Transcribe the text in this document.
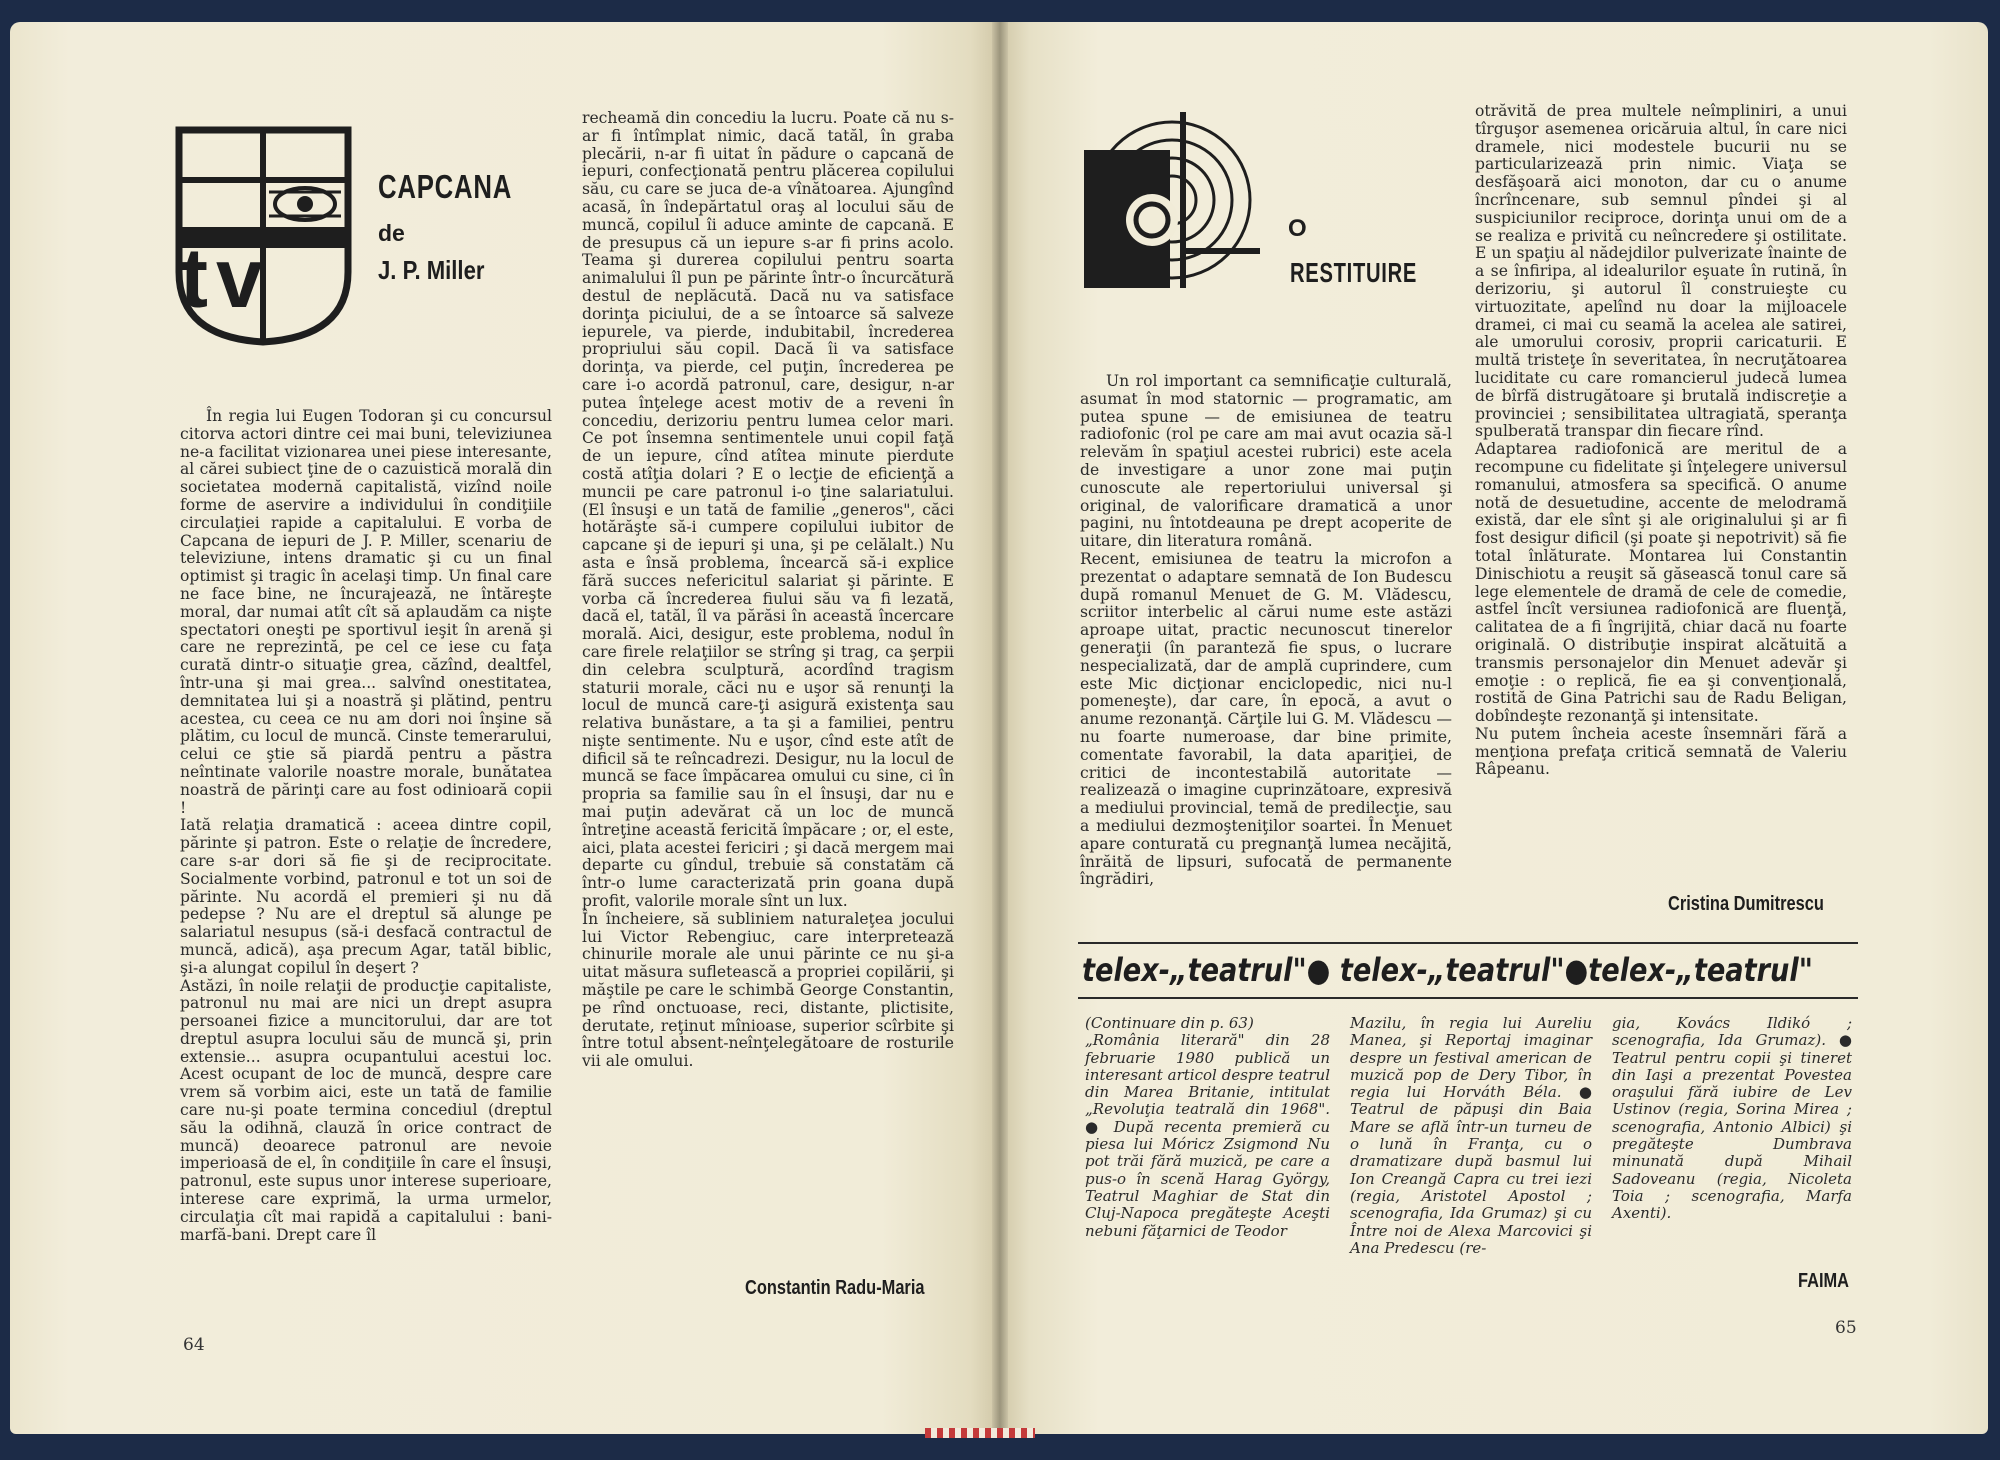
tv
CAPCANA
de
J. P. Miller

În regia lui Eugen Todoran şi cu concursul citorva actori dintre cei mai buni, televiziunea ne-a facilitat vizionarea unei piese interesante, al cărei subiect ţine de o cazuistică morală din societatea modernă capitalistă, vizînd noile forme de aservire a individului în condiţiile circulaţiei rapide a capitalului. E vorba de Capcana de iepuri de J. P. Miller, scenariu de televiziune, intens dramatic şi cu un final optimist şi tragic în acelaşi timp. Un final care ne face bine, ne încurajează, ne întăreşte moral, dar numai atît cît să aplaudăm ca nişte spectatori oneşti pe sportivul ieşit în arenă şi care ne reprezintă, pe cel ce iese cu faţa curată dintr-o situaţie grea, căzînd, dealtfel, într-una şi mai grea... salvînd onestitatea, demnitatea lui şi a noastră şi plătind, pentru acestea, cu ceea ce nu am dori noi înşine să plătim, cu locul de muncă. Cinste temerarului, celui ce ştie să piardă pentru a păstra neîntinate valorile noastre morale, bunătatea noastră de părinţi care au fost odinioară copii !
Iată relaţia dramatică : aceea dintre copil, părinte şi patron. Este o relaţie de încredere, care s-ar dori să fie şi de reciprocitate. Socialmente vorbind, patronul e tot un soi de părinte. Nu acordă el premieri şi nu dă pedepse ? Nu are el dreptul să alunge pe salariatul nesupus (să-i desfacă contractul de muncă, adică), aşa precum Agar, tatăl biblic, şi-a alungat copilul în deşert ?
Astăzi, în noile relaţii de producţie capitaliste, patronul nu mai are nici un drept asupra persoanei fizice a muncitorului, dar are tot dreptul asupra locului său de muncă şi, prin extensie... asupra ocupantului acestui loc. Acest ocupant de loc de muncă, despre care vrem să vorbim aici, este un tată de familie care nu-şi poate termina concediul (dreptul său la odihnă, clauză în orice contract de muncă) deoarece patronul are nevoie imperioasă de el, în condiţiile în care el însuşi, patronul, este supus unor interese superioare, interese care exprimă, la urma urmelor, circulaţia cît mai rapidă a capitalului : bani-marfă-bani. Drept care îl

recheamă din concediu la lucru. Poate că nu s-ar fi întîmplat nimic, dacă tatăl, în graba plecării, n-ar fi uitat în pădure o capcană de iepuri, confecţionată pentru plăcerea copilului său, cu care se juca de-a vînătoarea. Ajungînd acasă, în îndepărtatul oraş al locului său de muncă, copilul îi aduce aminte de capcană. E de presupus că un iepure s-ar fi prins acolo. Teama şi durerea copilului pentru soarta animalului îl pun pe părinte într-o încurcătură destul de neplăcută. Dacă nu va satisface dorinţa piciului, de a se întoarce să salveze iepurele, va pierde, indubitabil, încrederea propriului său copil. Dacă îi va satisface dorinţa, va pierde, cel puţin, încrederea pe care i-o acordă patronul, care, desigur, n-ar putea înţelege acest motiv de a reveni în concediu, derizoriu pentru lumea celor mari. Ce pot însemna sentimentele unui copil faţă de un iepure, cînd atîtea minute pierdute costă atîţia dolari ? E o lecţie de eficienţă a muncii pe care patronul i-o ţine salariatului. (El însuşi e un tată de familie „generos", căci hotărăşte să-i cumpere copilului iubitor de capcane şi de iepuri şi una, şi pe celălalt.) Nu asta e însă problema, încearcă să-i explice fără succes nefericitul salariat şi părinte. E vorba că încrederea fiului său va fi lezată, dacă el, tatăl, îl va părăsi în această încercare morală. Aici, desigur, este problema, nodul în care firele relaţiilor se strîng şi trag, ca şerpii din celebra sculptură, acordînd tragism staturii morale, căci nu e uşor să renunţi la locul de muncă care-ţi asigură existenţa sau relativa bunăstare, a ta şi a familiei, pentru nişte sentimente. Nu e uşor, cînd este atît de dificil să te reîncadrezi. Desigur, nu la locul de muncă se face împăcarea omului cu sine, ci în propria sa familie sau în el însuşi, dar nu e mai puţin adevărat că un loc de muncă întreţine această fericită împăcare ; or, el este, aici, plata acestei fericiri ; şi dacă mergem mai departe cu gîndul, trebuie să constatăm că într-o lume caracterizată prin goana după profit, valorile morale sînt un lux.
În încheiere, să subliniem naturaleţea jocului lui Victor Rebengiuc, care interpretează chinurile morale ale unui părinte ce nu şi-a uitat măsura sufletească a propriei copilării, şi măştile pe care le schimbă George Constantin, pe rînd onctuoase, reci, distante, plictisite, derutate, reţinut mînioase, superior scîrbite şi între totul absent-neînţelegătoare de rosturile vii ale omului.

Constantin Radu-Maria
64
O
RESTITUIRE

Un rol important ca semnificaţie culturală, asumat în mod statornic — programatic, am putea spune — de emisiunea de teatru radiofonic (rol pe care am mai avut ocazia să-l relevăm în spaţiul acestei rubrici) este acela de investigare a unor zone mai puţin cunoscute ale repertoriului universal şi original, de valorificare dramatică a unor pagini, nu întotdeauna pe drept acoperite de uitare, din literatura română.
Recent, emisiunea de teatru la microfon a prezentat o adaptare semnată de Ion Budescu după romanul Menuet de G. M. Vlădescu, scriitor interbelic al cărui nume este astăzi aproape uitat, practic necunoscut tinerelor generaţii (în paranteză fie spus, o lucrare nespecializată, dar de amplă cuprindere, cum este Mic dicţionar enciclopedic, nici nu-l pomeneşte), dar care, în epocă, a avut o anume rezonanţă. Cărţile lui G. M. Vlădescu — nu foarte numeroase, dar bine primite, comentate favorabil, la data apariţiei, de critici de incontestabilă autoritate — realizează o imagine cuprinzătoare, expresivă a mediului provincial, temă de predilecţie, sau a mediului dezmoşteniţilor soartei. În Menuet apare conturată cu pregnanţă lumea necăjită, înrăită de lipsuri, sufocată de permanente îngrădiri,

otrăvită de prea multele neîmpliniri, a unui tîrguşor asemenea oricăruia altul, în care nici dramele, nici modestele bucurii nu se particularizează prin nimic. Viaţa se desfăşoară aici monoton, dar cu o anume încrîncenare, sub semnul pîndei şi al suspiciunilor reciproce, dorinţa unui om de a se realiza e privită cu neîncredere şi ostilitate. E un spaţiu al nădejdilor pulverizate înainte de a se înfiripa, al idealurilor eşuate în rutină, în derizoriu, şi autorul îl construieşte cu virtuozitate, apelînd nu doar la mijloacele dramei, ci mai cu seamă la acelea ale satirei, ale umorului corosiv, proprii caricaturii. E multă tristeţe în severitatea, în necruţătoarea luciditate cu care romancierul judecă lumea de bîrfă distrugătoare şi brutală indiscreţie a provinciei ; sensibilitatea ultragiată, speranţa spulberată transpar din fiecare rînd.
Adaptarea radiofonică are meritul de a recompune cu fidelitate şi înţelegere universul romanului, atmosfera sa specifică. O anume notă de desuetudine, accente de melodramă există, dar ele sînt şi ale originalului şi ar fi fost desigur dificil (şi poate şi nepotrivit) să fie total înlăturate. Montarea lui Constantin Dinischiotu a reuşit să găsească tonul care să lege elementele de dramă de cele de comedie, astfel încît versiunea radiofonică are fluenţă, calitatea de a fi îngrijită, chiar dacă nu foarte originală. O distribuţie inspirat alcătuită a transmis personajelor din Menuet adevăr şi emoţie : o replică, fie ea şi convenţională, rostită de Gina Patrichi sau de Radu Beligan, dobîndeşte rezonanţă şi intensitate.
Nu putem încheia aceste însemnări fără a menţiona prefaţa critică semnată de Valeriu Râpeanu.

Cristina Dumitrescu
telex-„teatrul"● telex-„teatrul"●telex-„teatrul"

(Continuare din p. 63)
„România literară" din 28 februarie 1980 publică un interesant articol despre teatrul din Marea Britanie, intitulat „Revoluţia teatrală din 1968". ● După recenta premieră cu piesa lui Móricz Zsigmond Nu pot trăi fără muzică, pe care a pus-o în scenă Harag György, Teatrul Maghiar de Stat din Cluj-Napoca pregăteşte Aceşti nebuni făţarnici de Teodor

Mazilu, în regia lui Aureliu Manea, şi Reportaj imaginar despre un festival american de muzică pop de Dery Tibor, în regia lui Horváth Béla. ● Teatrul de păpuşi din Baia Mare se află într-un turneu de o lună în Franţa, cu o dramatizare după basmul lui Ion Creangă Capra cu trei iezi (regia, Aristotel Apostol ; scenografia, Ida Grumaz) şi cu Între noi de Alexa Marcovici şi Ana Predescu (re-

gia, Kovács Ildikó ; scenografia, Ida Grumaz). ● Teatrul pentru copii şi tineret din Iaşi a prezentat Povestea oraşului fără iubire de Lev Ustinov (regia, Sorina Mirea ; scenografia, Antonio Albici) şi pregăteşte Dumbrava minunată după Mihail Sadoveanu (regia, Nicoleta Toia ; scenografia, Marfa Axenti).

FAIMA
65
